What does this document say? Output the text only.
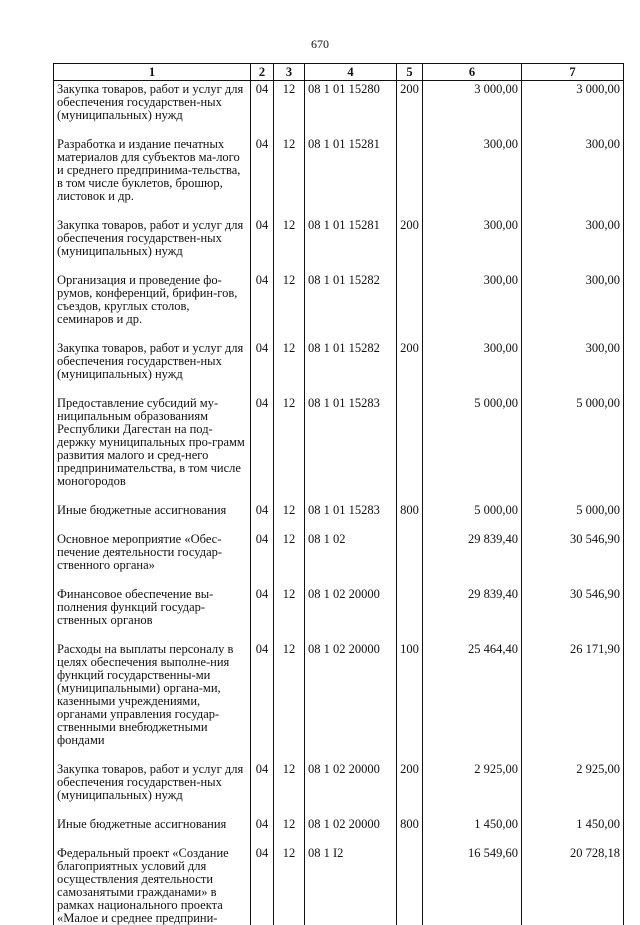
670
1	2	3	4	5	6	7
Закупка товаров, работ и услуг для обеспечения государствен-ных (муниципальных) нужд	04	12	08 1 01 15280	200	3 000,00	3 000,00

Разработка и издание печатных материалов для субъектов ма-лого и среднего предпринима-тельства, в том числе буклетов, брошюр, листовок и др.	04	12	08 1 01 15281		300,00	300,00

Закупка товаров, работ и услуг для обеспечения государствен-ных (муниципальных) нужд	04	12	08 1 01 15281	200	300,00	300,00

Организация и проведение фо-румов, конференций, брифин-гов, съездов, круглых столов, семинаров и др.	04	12	08 1 01 15282		300,00	300,00

Закупка товаров, работ и услуг для обеспечения государствен-ных (муниципальных) нужд	04	12	08 1 01 15282	200	300,00	300,00

Предоставление субсидий му-ниципальным образованиям Республики Дагестан на под-держку муниципальных про-грамм развития малого и сред-него предпринимательства, в том числе моногородов	04	12	08 1 01 15283		5 000,00	5 000,00

Иные бюджетные ассигнования	04	12	08 1 01 15283	800	5 000,00	5 000,00

Основное мероприятие «Обес-печение деятельности государ-ственного органа»	04	12	08 1 02		29 839,40	30 546,90

Финансовое обеспечение вы-полнения функций государ-ственных органов	04	12	08 1 02 20000		29 839,40	30 546,90

Расходы на выплаты персоналу в целях обеспечения выполне-ния функций государственны-ми (муниципальными) органа-ми, казенными учреждениями, органами управления государ-ственными внебюджетными фондами	04	12	08 1 02 20000	100	25 464,40	26 171,90

Закупка товаров, работ и услуг для обеспечения государствен-ных (муниципальных) нужд	04	12	08 1 02 20000	200	2 925,00	2 925,00

Иные бюджетные ассигнования	04	12	08 1 02 20000	800	1 450,00	1 450,00

Федеральный проект «Создание благоприятных условий для осуществления деятельности самозанятыми гражданами» в рамках национального проекта «Малое и среднее предприни-	04	12	08 1 I2		16 549,60	20 728,18
